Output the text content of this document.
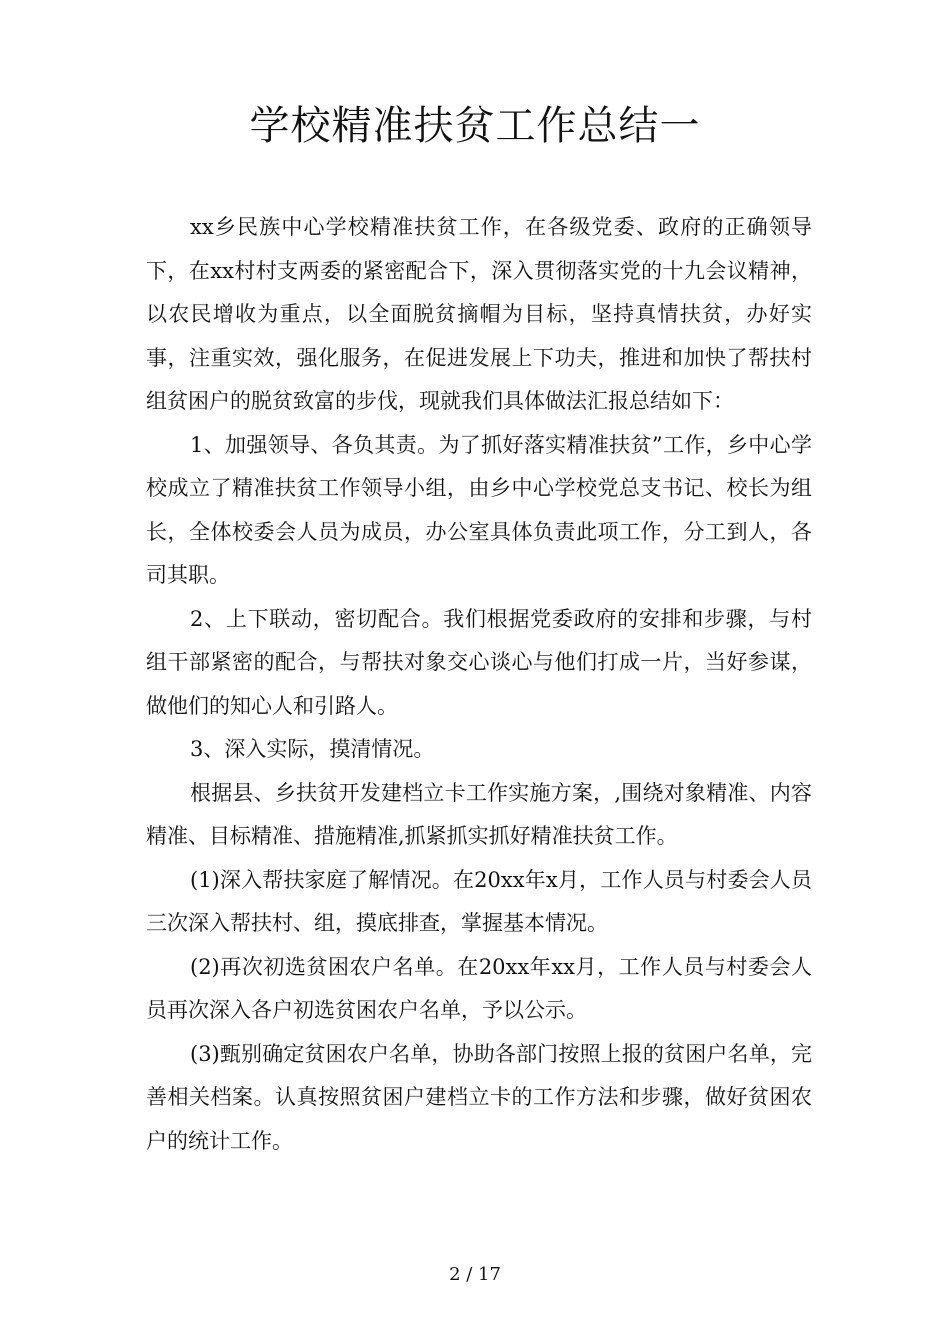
学校精准扶贫工作总结一

xx乡民族中心学校精准扶贫工作，在各级党委、政府的正确领导下，在xx村村支两委的紧密配合下，深入贯彻落实党的十九会议精神，以农民增收为重点，以全面脱贫摘帽为目标，坚持真情扶贫，办好实事，注重实效，强化服务，在促进发展上下功夫，推进和加快了帮扶村组贫困户的脱贫致富的步伐，现就我们具体做法汇报总结如下：

1、加强领导、各负其责。为了抓好落实精准扶贫”工作，乡中心学校成立了精准扶贫工作领导小组，由乡中心学校党总支书记、校长为组长，全体校委会人员为成员，办公室具体负责此项工作，分工到人，各司其职。

2、上下联动，密切配合。我们根据党委政府的安排和步骤，与村组干部紧密的配合，与帮扶对象交心谈心与他们打成一片，当好参谋，做他们的知心人和引路人。

3、深入实际，摸清情况。

根据县、乡扶贫开发建档立卡工作实施方案，,围绕对象精准、内容精准、目标精准、措施精准,抓紧抓实抓好精准扶贫工作。

(1)深入帮扶家庭了解情况。在20xx年x月，工作人员与村委会人员三次深入帮扶村、组，摸底排查，掌握基本情况。

(2)再次初选贫困农户名单。在20xx年xx月，工作人员与村委会人员再次深入各户初选贫困农户名单，予以公示。

(3)甄别确定贫困农户名单，协助各部门按照上报的贫困户名单，完善相关档案。认真按照贫困户建档立卡的工作方法和步骤，做好贫困农户的统计工作。

2 / 17
